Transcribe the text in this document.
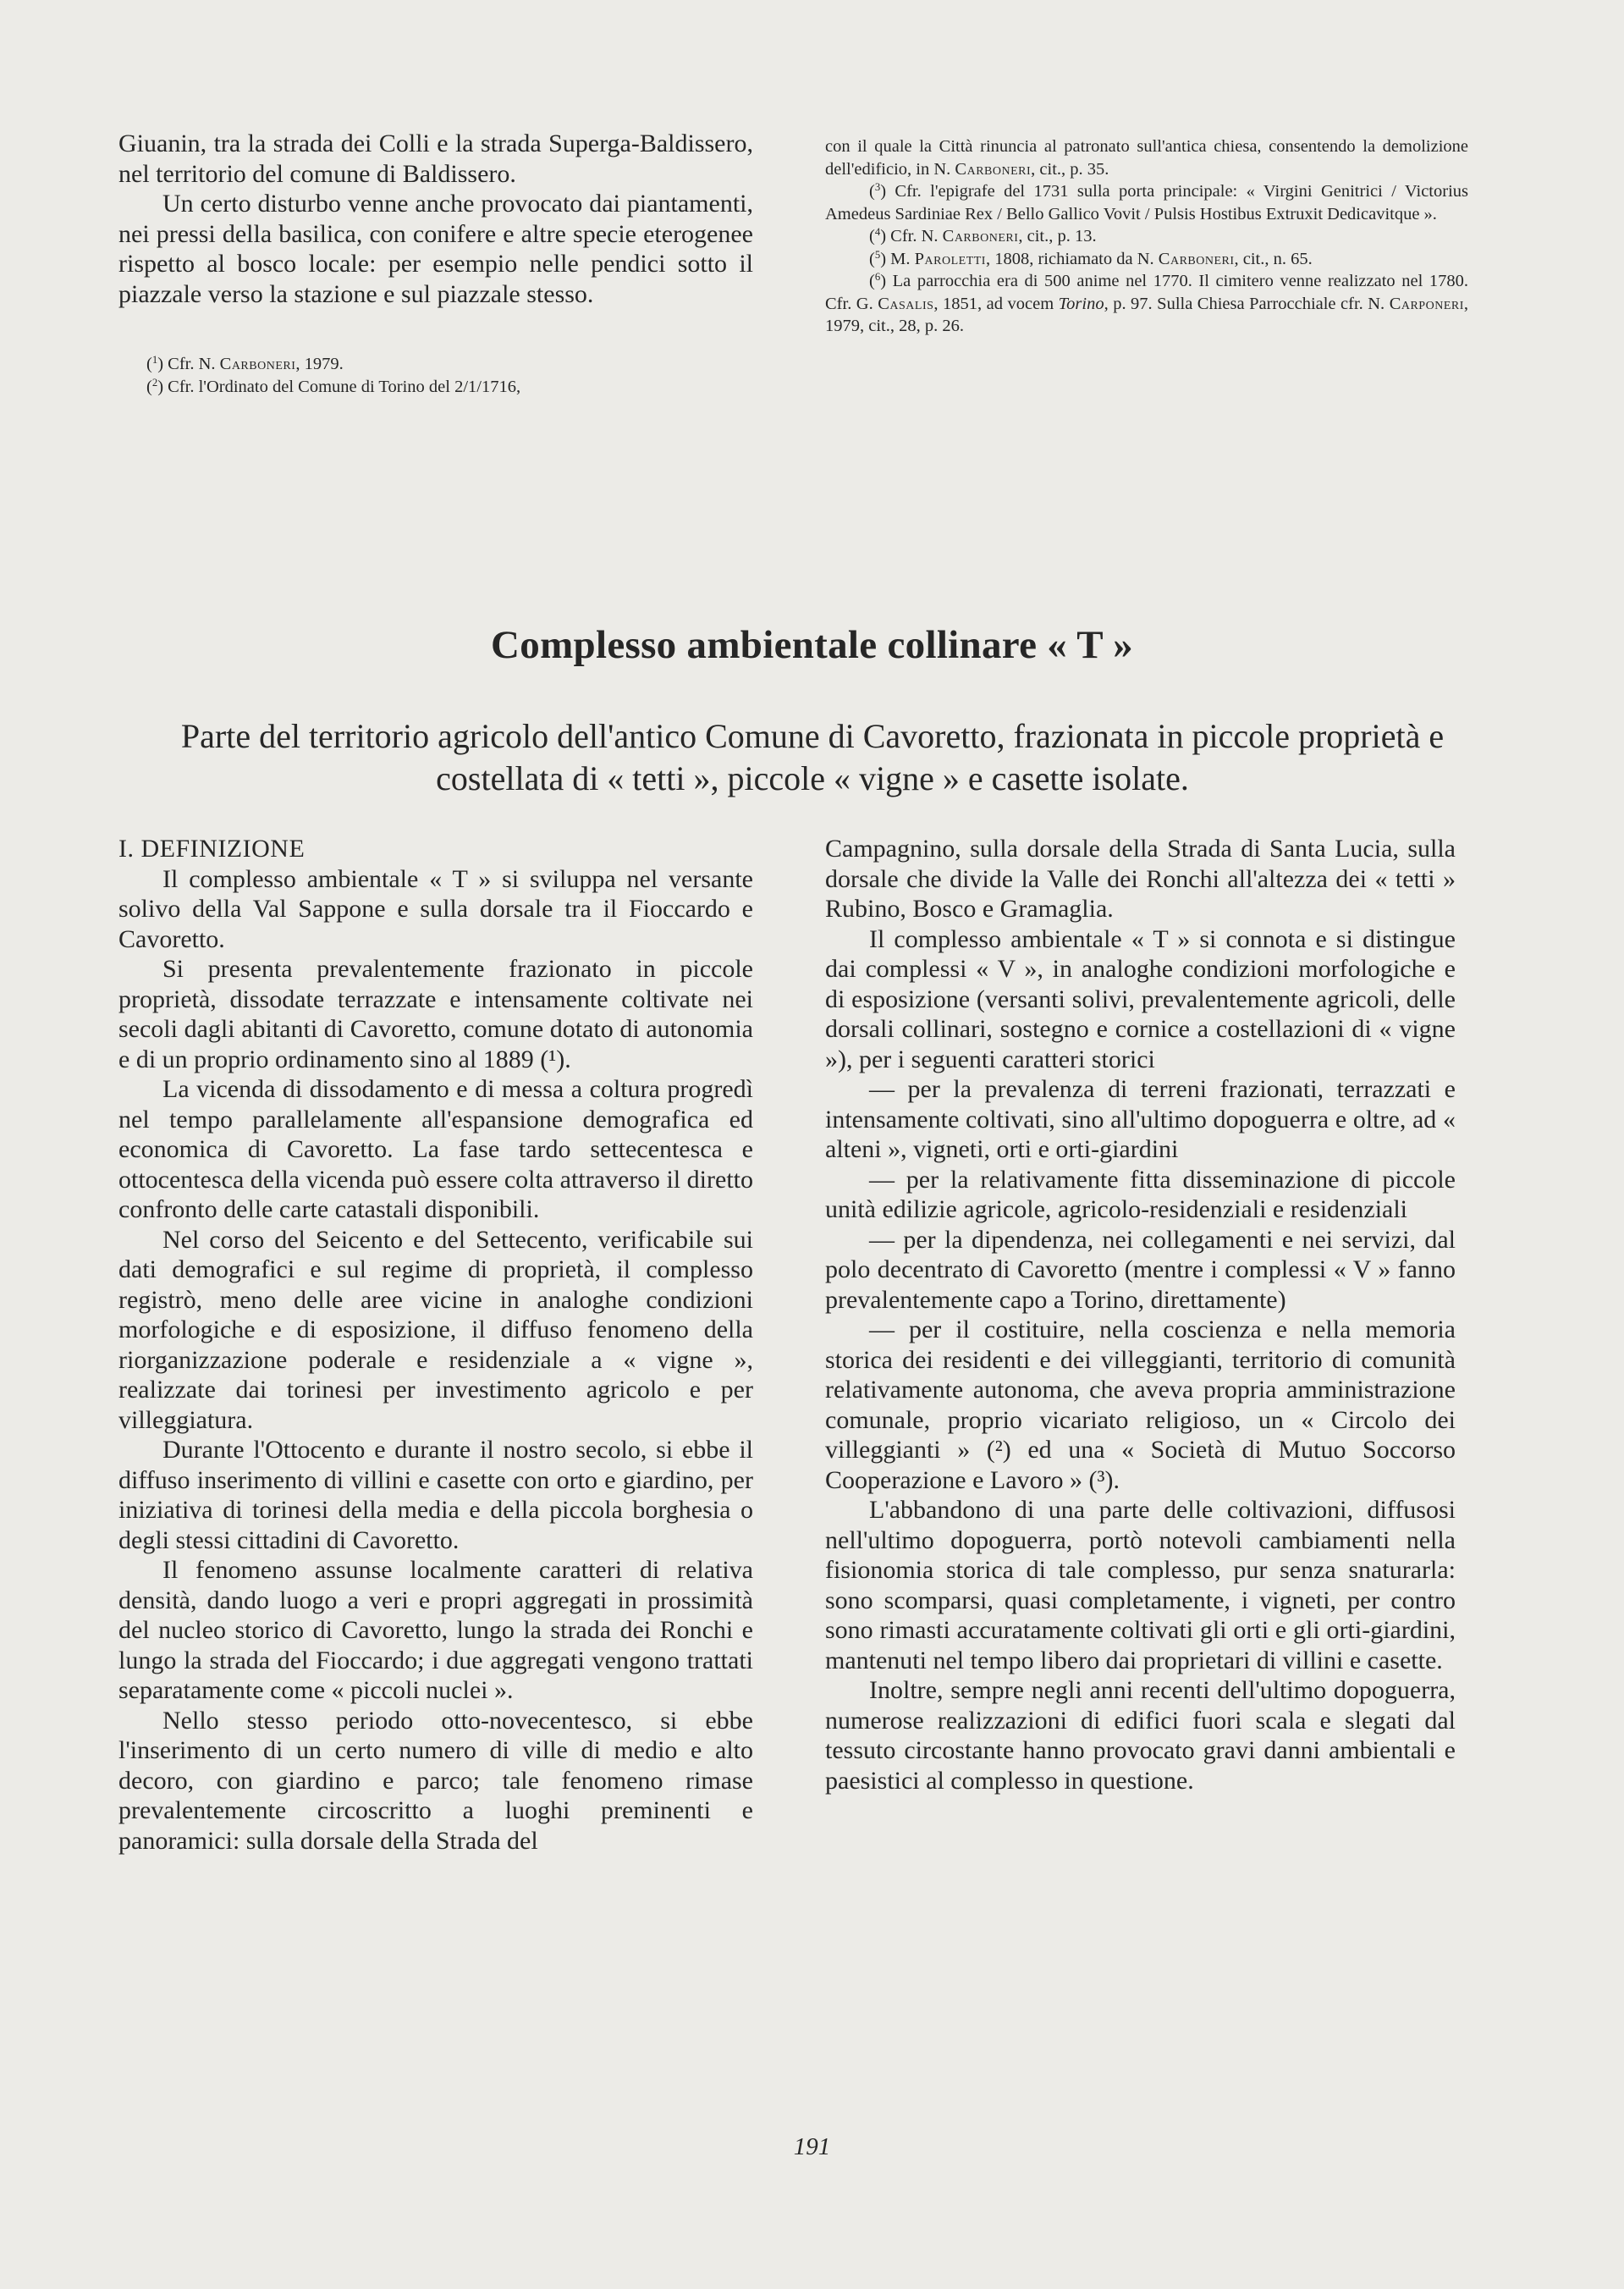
Giuanin, tra la strada dei Colli e la strada Superga-Baldissero, nel territorio del comune di Baldissero.

Un certo disturbo venne anche provocato dai piantamenti, nei pressi della basilica, con conifere e altre specie eterogenee rispetto al bosco locale: per esempio nelle pendici sotto il piazzale verso la stazione e sul piazzale stesso.

($^1$) Cfr. N. Carboneri, 1979.

($^2$) Cfr. l'Ordinato del Comune di Torino del 2/1/1716,

con il quale la Città rinuncia al patronato sull'antica chiesa, consentendo la demolizione dell'edificio, in N. Carboneri, cit., p. 35.

($^3$) Cfr. l'epigrafe del 1731 sulla porta principale: « Virgini Genitrici / Victorius Amedeus Sardiniae Rex / Bello Gallico Vovit / Pulsis Hostibus Extruxit Dedicavitque ».

($^4$) Cfr. N. Carboneri, cit., p. 13.

($^5$) M. Paroletti, 1808, richiamato da N. Carboneri, cit., n. 65.

($^6$) La parrocchia era di 500 anime nel 1770. Il cimitero venne realizzato nel 1780. Cfr. G. Casalis, 1851, ad vocem Torino, p. 97. Sulla Chiesa Parrocchiale cfr. N. Carponeri, 1979, cit., 28, p. 26.

Complesso ambientale collinare « T »

Parte del territorio agricolo dell'antico Comune di Cavoretto, frazionata in piccole proprietà e costellata di « tetti », piccole « vigne » e casette isolate.

I. DEFINIZIONE

Il complesso ambientale « T » si sviluppa nel versante solivo della Val Sappone e sulla dorsale tra il Fioccardo e Cavoretto.

Si presenta prevalentemente frazionato in piccole proprietà, dissodate terrazzate e intensamente coltivate nei secoli dagli abitanti di Cavoretto, comune dotato di autonomia e di un proprio ordinamento sino al 1889 (¹).

La vicenda di dissodamento e di messa a coltura progredì nel tempo parallelamente all'espansione demografica ed economica di Cavoretto. La fase tardo settecentesca e ottocentesca della vicenda può essere colta attraverso il diretto confronto delle carte catastali disponibili.

Nel corso del Seicento e del Settecento, verificabile sui dati demografici e sul regime di proprietà, il complesso registrò, meno delle aree vicine in analoghe condizioni morfologiche e di esposizione, il diffuso fenomeno della riorganizzazione poderale e residenziale a « vigne », realizzate dai torinesi per investimento agricolo e per villeggiatura.

Durante l'Ottocento e durante il nostro secolo, si ebbe il diffuso inserimento di villini e casette con orto e giardino, per iniziativa di torinesi della media e della piccola borghesia o degli stessi cittadini di Cavoretto.

Il fenomeno assunse localmente caratteri di relativa densità, dando luogo a veri e propri aggregati in prossimità del nucleo storico di Cavoretto, lungo la strada dei Ronchi e lungo la strada del Fioccardo; i due aggregati vengono trattati separatamente come « piccoli nuclei ».

Nello stesso periodo otto-novecentesco, si ebbe l'inserimento di un certo numero di ville di medio e alto decoro, con giardino e parco; tale fenomeno rimase prevalentemente circoscritto a luoghi preminenti e panoramici: sulla dorsale della Strada del

Campagnino, sulla dorsale della Strada di Santa Lucia, sulla dorsale che divide la Valle dei Ronchi all'altezza dei « tetti » Rubino, Bosco e Gramaglia.

Il complesso ambientale « T » si connota e si distingue dai complessi « V », in analoghe condizioni morfologiche e di esposizione (versanti solivi, prevalentemente agricoli, delle dorsali collinari, sostegno e cornice a costellazioni di « vigne »), per i seguenti caratteri storici

— per la prevalenza di terreni frazionati, terrazzati e intensamente coltivati, sino all'ultimo dopoguerra e oltre, ad « alteni », vigneti, orti e orti-giardini

— per la relativamente fitta disseminazione di piccole unità edilizie agricole, agricolo-residenziali e residenziali

— per la dipendenza, nei collegamenti e nei servizi, dal polo decentrato di Cavoretto (mentre i complessi « V » fanno prevalentemente capo a Torino, direttamente)

— per il costituire, nella coscienza e nella memoria storica dei residenti e dei villeggianti, territorio di comunità relativamente autonoma, che aveva propria amministrazione comunale, proprio vicariato religioso, un « Circolo dei villeggianti » (²) ed una « Società di Mutuo Soccorso Cooperazione e Lavoro » (³).

L'abbandono di una parte delle coltivazioni, diffusosi nell'ultimo dopoguerra, portò notevoli cambiamenti nella fisionomia storica di tale complesso, pur senza snaturarla: sono scomparsi, quasi completamente, i vigneti, per contro sono rimasti accuratamente coltivati gli orti e gli orti-giardini, mantenuti nel tempo libero dai proprietari di villini e casette.

Inoltre, sempre negli anni recenti dell'ultimo dopoguerra, numerose realizzazioni di edifici fuori scala e slegati dal tessuto circostante hanno provocato gravi danni ambientali e paesistici al complesso in questione.

191
